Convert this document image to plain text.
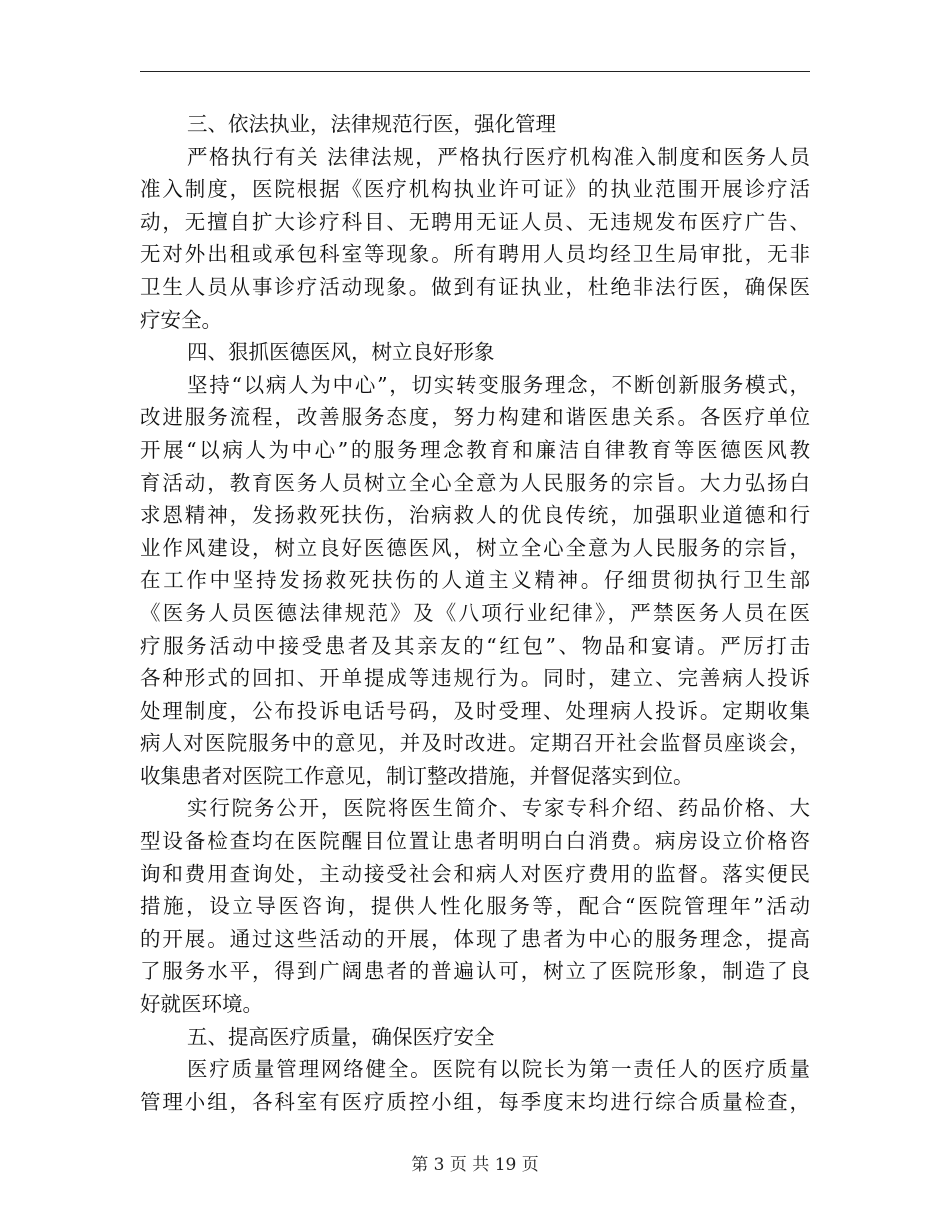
三、依法执业，法律规范行医，强化管理
严格执行有关 法律法规，严格执行医疗机构准入制度和医务人员
准入制度，医院根据《医疗机构执业许可证》的执业范围开展诊疗活
动，无擅自扩大诊疗科目、无聘用无证人员、无违规发布医疗广告、
无对外出租或承包科室等现象。所有聘用人员均经卫生局审批，无非
卫生人员从事诊疗活动现象。做到有证执业，杜绝非法行医，确保医
疗安全。
四、狠抓医德医风，树立良好形象
坚持“以病人为中心”，切实转变服务理念，不断创新服务模式，
改进服务流程，改善服务态度，努力构建和谐医患关系。各医疗单位
开展“以病人为中心”的服务理念教育和廉洁自律教育等医德医风教
育活动，教育医务人员树立全心全意为人民服务的宗旨。大力弘扬白
求恩精神，发扬救死扶伤，治病救人的优良传统，加强职业道德和行
业作风建设，树立良好医德医风，树立全心全意为人民服务的宗旨，
在工作中坚持发扬救死扶伤的人道主义精神。仔细贯彻执行卫生部
《医务人员医德法律规范》及《八项行业纪律》，严禁医务人员在医
疗服务活动中接受患者及其亲友的“红包”、物品和宴请。严厉打击
各种形式的回扣、开单提成等违规行为。同时，建立、完善病人投诉
处理制度，公布投诉电话号码，及时受理、处理病人投诉。定期收集
病人对医院服务中的意见，并及时改进。定期召开社会监督员座谈会，
收集患者对医院工作意见，制订整改措施，并督促落实到位。
实行院务公开，医院将医生简介、专家专科介绍、药品价格、大
型设备检查均在医院醒目位置让患者明明白白消费。病房设立价格咨
询和费用查询处，主动接受社会和病人对医疗费用的监督。落实便民
措施，设立导医咨询，提供人性化服务等，配合“医院管理年”活动
的开展。通过这些活动的开展，体现了患者为中心的服务理念，提高
了服务水平，得到广阔患者的普遍认可，树立了医院形象，制造了良
好就医环境。
五、提高医疗质量，确保医疗安全
医疗质量管理网络健全。医院有以院长为第一责任人的医疗质量
管理小组，各科室有医疗质控小组，每季度末均进行综合质量检查，
第 3 页 共 19 页
